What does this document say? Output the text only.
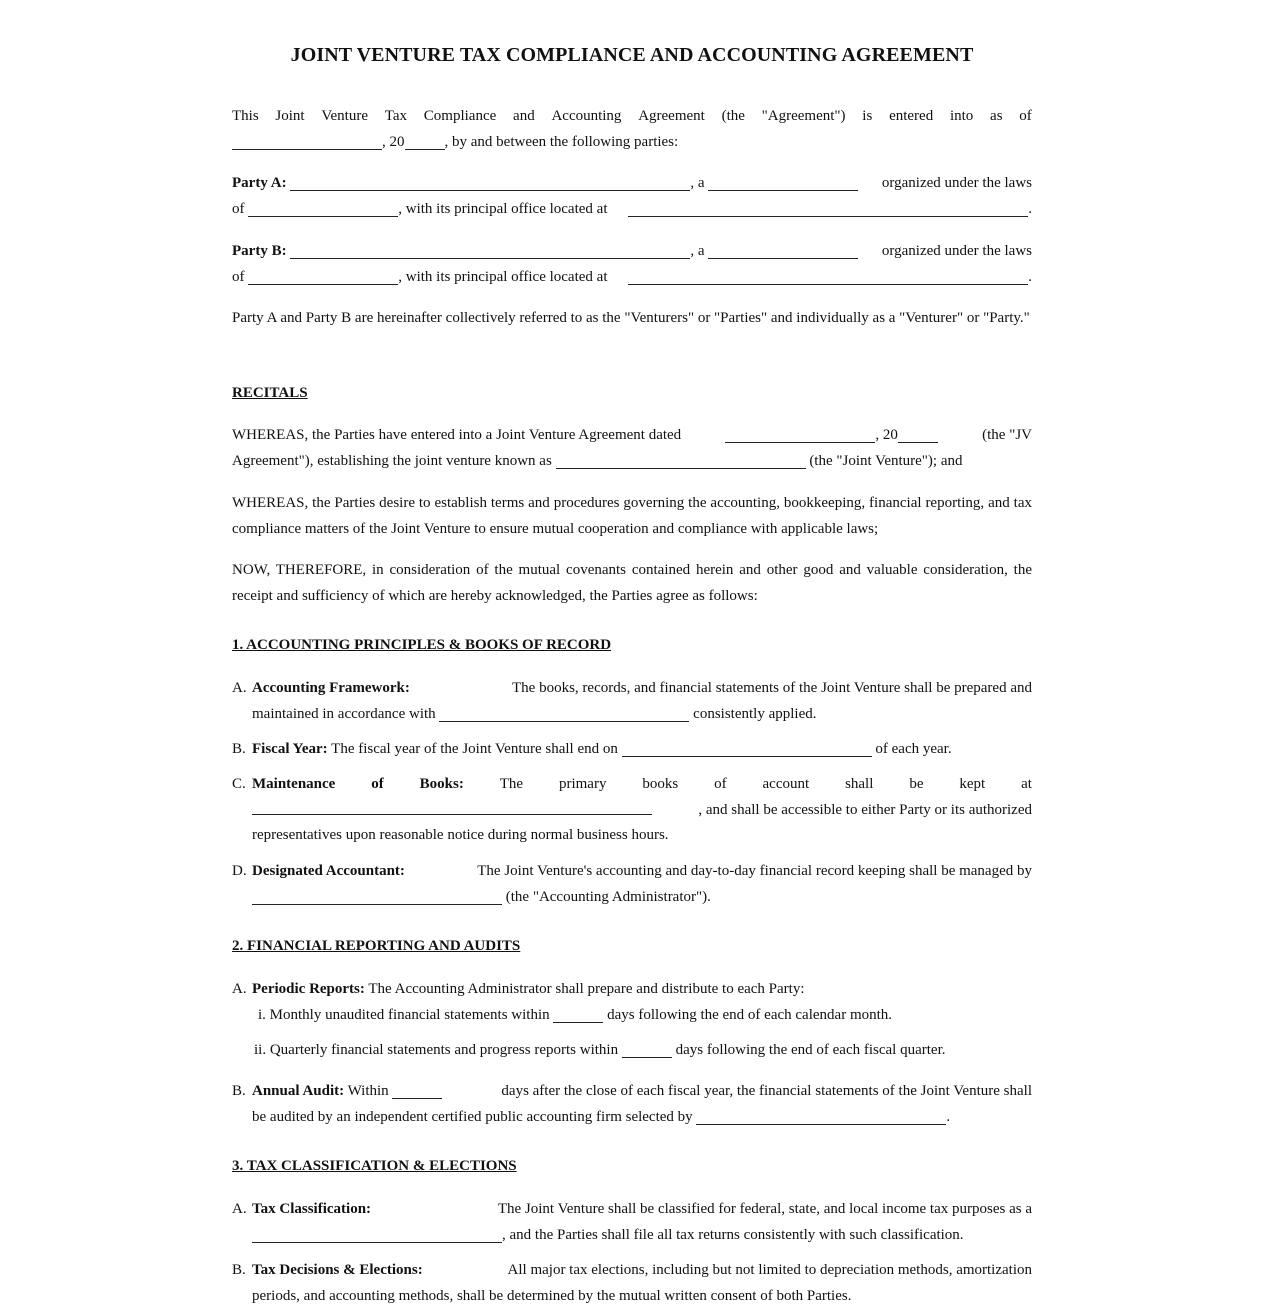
JOINT VENTURE TAX COMPLIANCE AND ACCOUNTING AGREEMENT
This Joint Venture Tax Compliance and Accounting Agreement (the "Agreement") is entered into as of
, 20	, by and between the following parties:
Party A:	, a	organized under the laws
of	, with its principal office located at	.
Party B:	, a	organized under the laws
of	, with its principal office located at	.
Party A and Party B are hereinafter collectively referred to as the "Venturers" or "Parties" and individually as a "Venturer" or "Party."
RECITALS
WHEREAS, the Parties have entered into a Joint Venture Agreement dated	, 20	(the "JV
Agreement"), establishing the joint venture known as	(the "Joint Venture"); and
WHEREAS, the Parties desire to establish terms and procedures governing the accounting, bookkeeping, financial reporting, and tax compliance matters of the Joint Venture to ensure mutual cooperation and compliance with applicable laws;
NOW, THEREFORE, in consideration of the mutual covenants contained herein and other good and valuable consideration, the receipt and sufficiency of which are hereby acknowledged, the Parties agree as follows:
1. ACCOUNTING PRINCIPLES & BOOKS OF RECORD
A. Accounting Framework:	The books, records, and financial statements of the Joint Venture shall be prepared and
maintained in accordance with	consistently applied.
B. Fiscal Year: The fiscal year of the Joint Venture shall end on	of each year.
C. Maintenance of Books: The primary books of account shall be kept at
, and shall be accessible to either Party or its authorized
representatives upon reasonable notice during normal business hours.
D. Designated Accountant:	The Joint Venture's accounting and day-to-day financial record keeping shall be managed by
(the "Accounting Administrator").
2. FINANCIAL REPORTING AND AUDITS
A. Periodic Reports: The Accounting Administrator shall prepare and distribute to each Party:
i. Monthly unaudited financial statements within	days following the end of each calendar month.
ii. Quarterly financial statements and progress reports within	days following the end of each fiscal quarter.
B. Annual Audit: Within	days after the close of each fiscal year, the financial statements of the Joint Venture shall
be audited by an independent certified public accounting firm selected by	.
3. TAX CLASSIFICATION & ELECTIONS
A. Tax Classification:	The Joint Venture shall be classified for federal, state, and local income tax purposes as a
, and the Parties shall file all tax returns consistently with such classification.
B. Tax Decisions & Elections:	All major tax elections, including but not limited to depreciation methods, amortization
periods, and accounting methods, shall be determined by the mutual written consent of both Parties.
